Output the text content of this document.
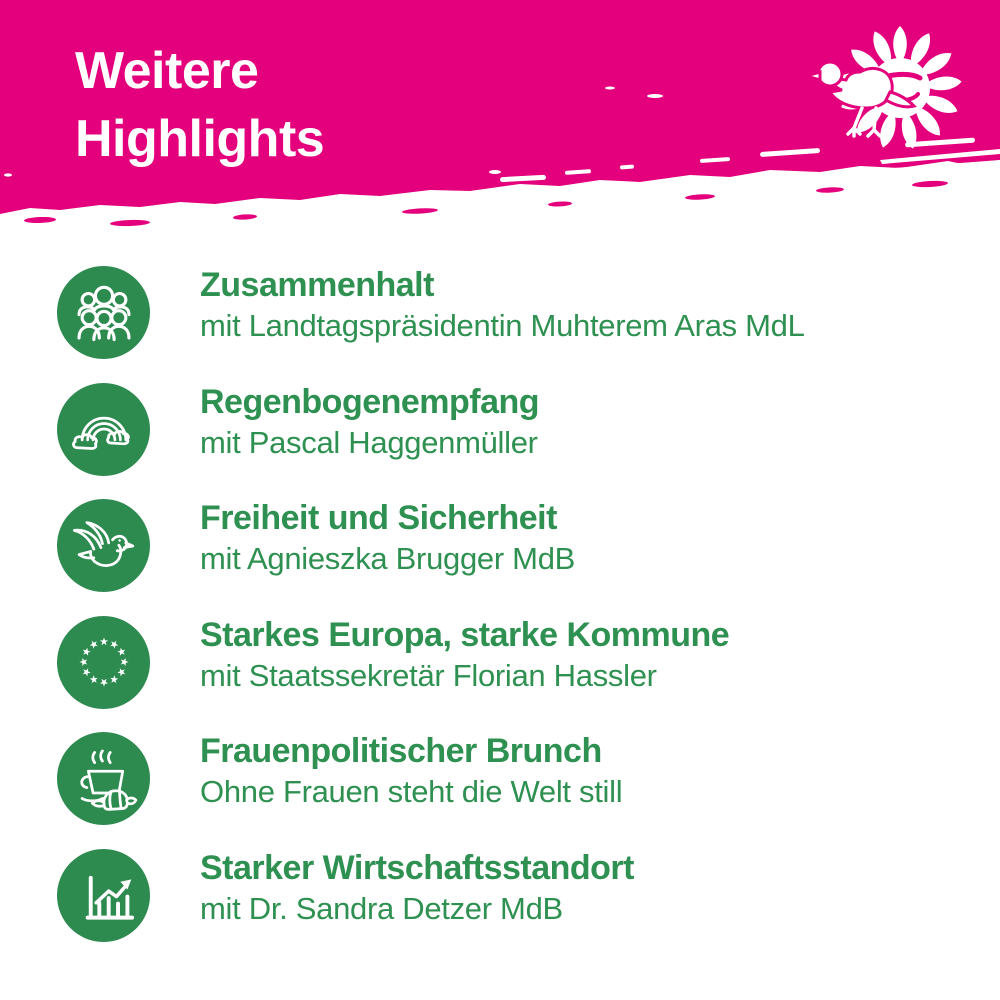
Weitere
Highlights

Zusammenhalt

mit Landtagspräsidentin Muhterem Aras MdL

Regenbogenempfang

mit Pascal Haggenmüller

Freiheit und Sicherheit

mit Agnieszka Brugger MdB

Starkes Europa, starke Kommune

mit Staatssekretär Florian Hassler

Frauenpolitischer Brunch

Ohne Frauen steht die Welt still

Starker Wirtschaftsstandort

mit Dr. Sandra Detzer MdB
